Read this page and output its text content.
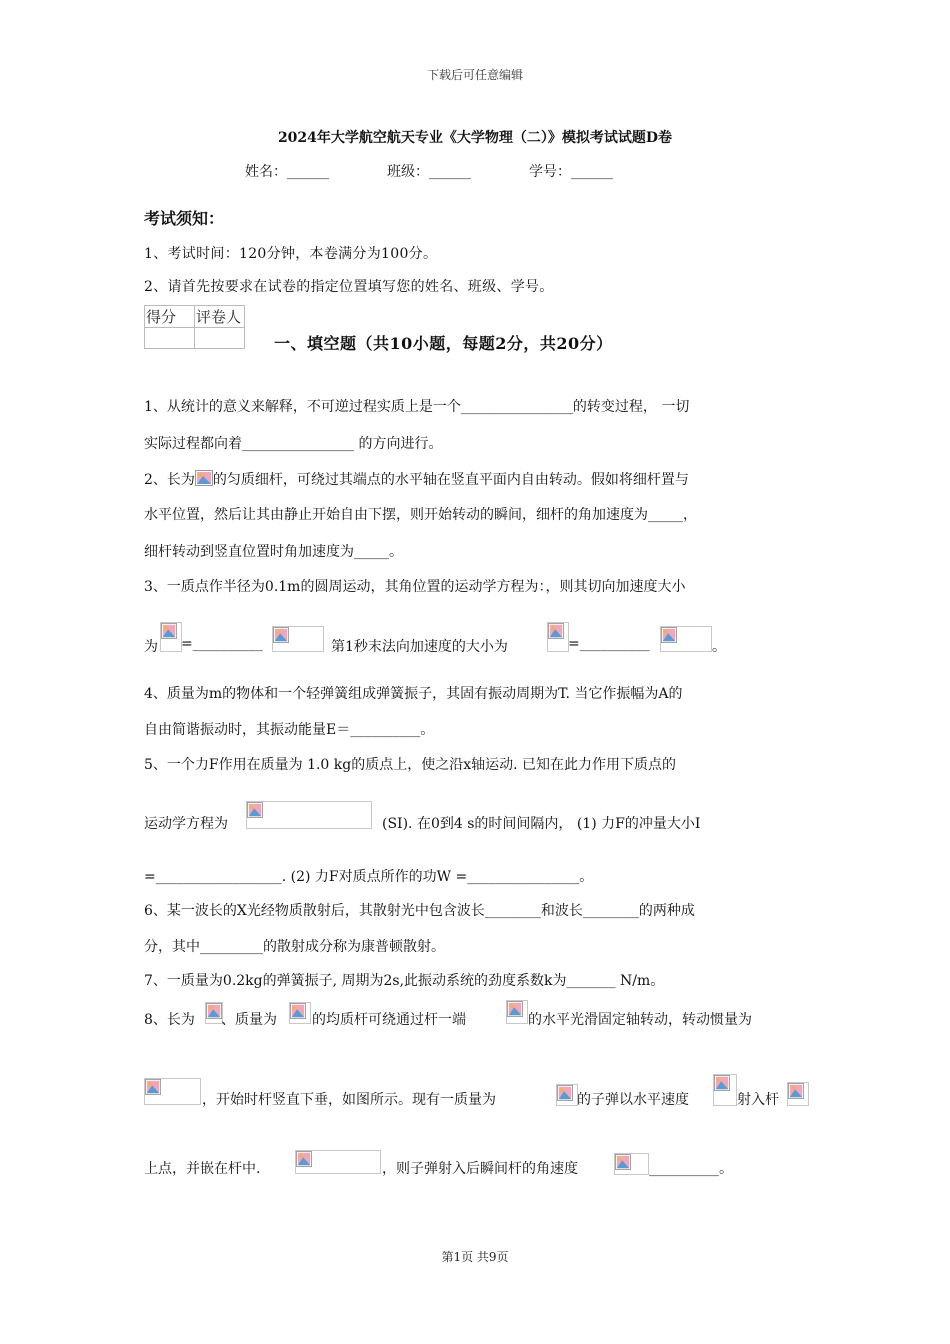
下载后可任意编辑
2024年大学航空航天专业《大学物理（二）》模拟考试试题D卷
姓名：______	班级：______	学号：______
考试须知：
1、考试时间：120分钟，本卷满分为100分。
2、请首先按要求在试卷的指定位置填写您的姓名、班级、学号。
得分	评卷人

一、填空题（共10小题，每题2分，共20分）
1、从统计的意义来解释，不可逆过程实质上是一个________________的转变过程， 一切
实际过程都向着________________ 的方向进行。
2、长为 的匀质细杆，可绕过其端点的水平轴在竖直平面内自由转动。假如将细杆置与
水平位置，然后让其由静止开始自由下摆，则开始转动的瞬间，细杆的角加速度为_____，
细杆转动到竖直位置时角加速度为_____。
3、一质点作半径为0.1m的圆周运动，其角位置的运动学方程为：，则其切向加速度大小
为 =__________	第1秒末法向加速度的大小为	=__________	。
4、质量为m的物体和一个轻弹簧组成弹簧振子，其固有振动周期为T. 当它作振幅为A的
自由简谐振动时，其振动能量E＝__________。
5、一个力F作用在质量为 1.0 kg的质点上，使之沿x轴运动. 已知在此力作用下质点的
运动学方程为	(SI). 在0到4 s的时间间隔内， (1) 力F的冲量大小I
=__________________. (2) 力F对质点所作的功W =________________。
6、某一波长的X光经物质散射后，其散射光中包含波长________和波长________的两种成
分，其中_________的散射成分称为康普顿散射。
7、一质量为0.2kg的弹簧振子, 周期为2s,此振动系统的劲度系数k为_______ N/m。
8、长为 、质量为	的均质杆可绕通过杆一端	的水平光滑固定轴转动，转动惯量为
，开始时杆竖直下垂，如图所示。现有一质量为	的子弹以水平速度	射入杆
上点，并嵌在杆中.	，则子弹射入后瞬间杆的角速度	__________。
第1页 共9页
